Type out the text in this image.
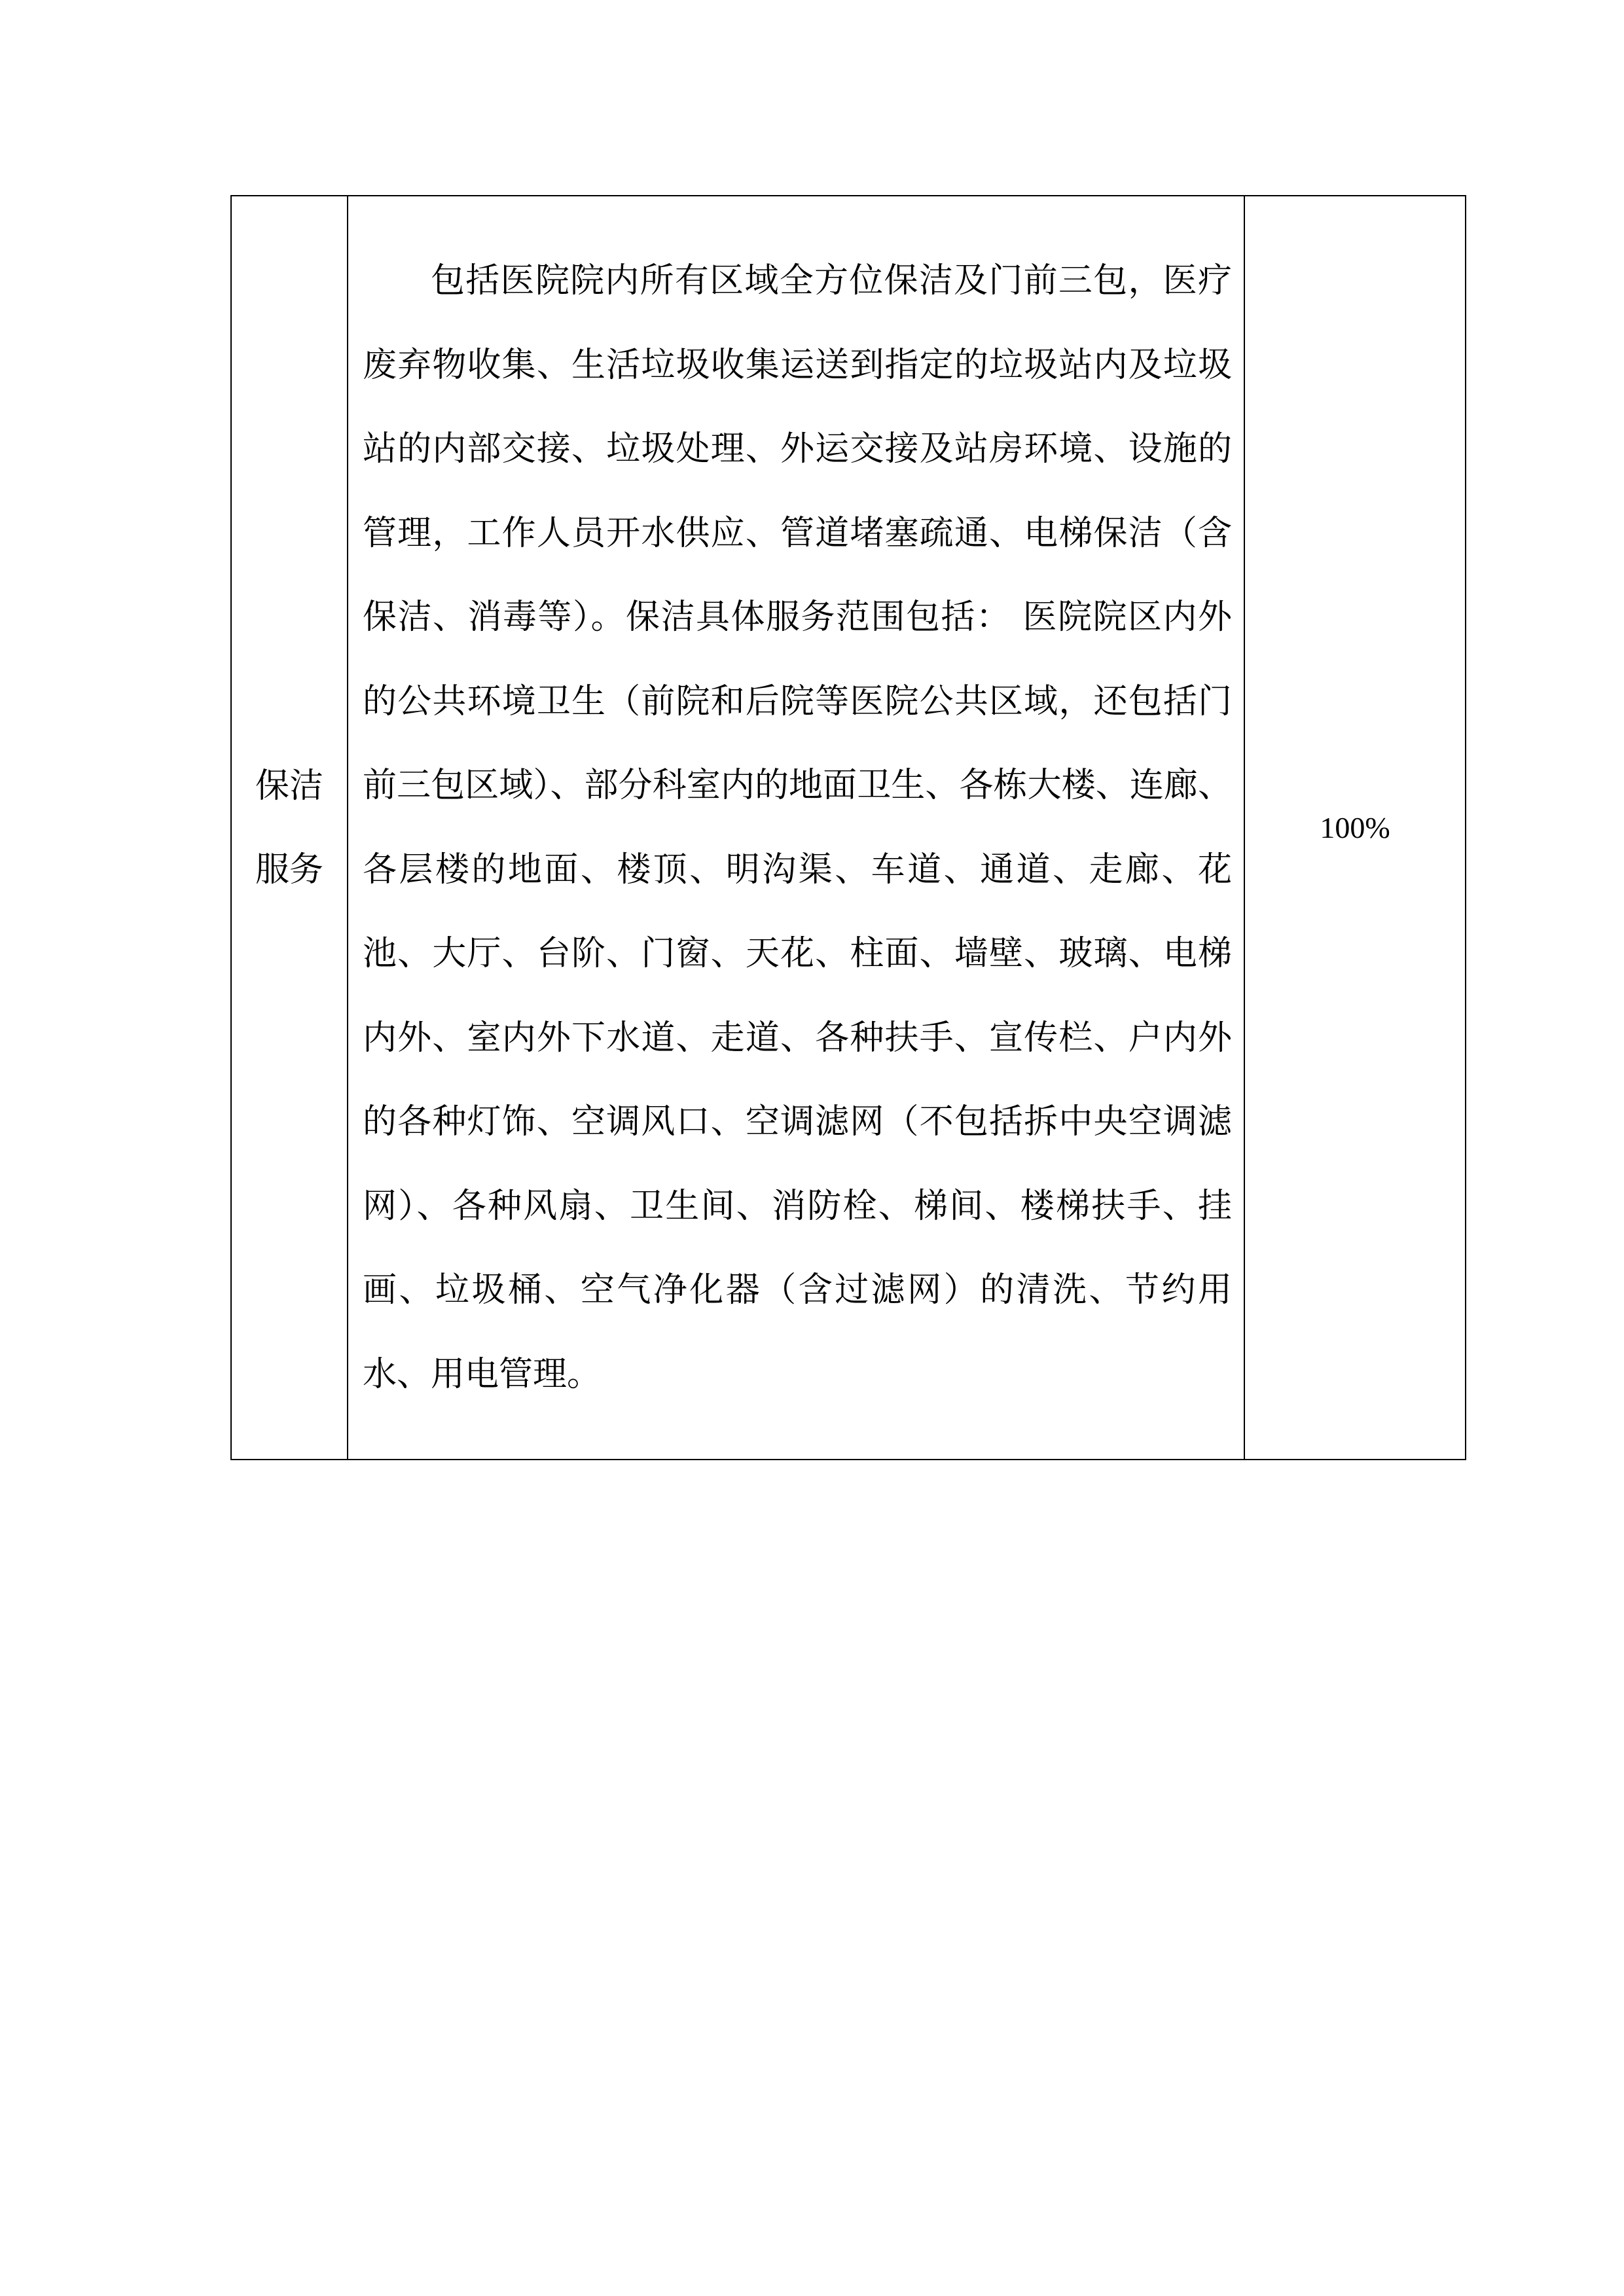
保洁
服务

包括医院院内所有区域全方位保洁及门前三包，医疗废弃物收集、生活垃圾收集运送到指定的垃圾站内及垃圾站的内部交接、垃圾处理、外运交接及站房环境、设施的管理，工作人员开水供应、管道堵塞疏通、电梯保洁（含保洁、消毒等）。保洁具体服务范围包括： 医院院区内外的公共环境卫生（前院和后院等医院公共区域，还包括门前三包区域）、部分科室内的地面卫生、各栋大楼、连廊、各层楼的地面、楼顶、明沟渠、车道、通道、走廊、花池、大厅、台阶、门窗、天花、柱面、墙壁、玻璃、电梯内外、室内外下水道、走道、各种扶手、宣传栏、户内外的各种灯饰、空调风口、空调滤网（不包括拆中央空调滤网）、各种风扇、卫生间、消防栓、梯间、楼梯扶手、挂画、垃圾桶、空气净化器（含过滤网）的清洗、节约用水、用电管理。

	100%
